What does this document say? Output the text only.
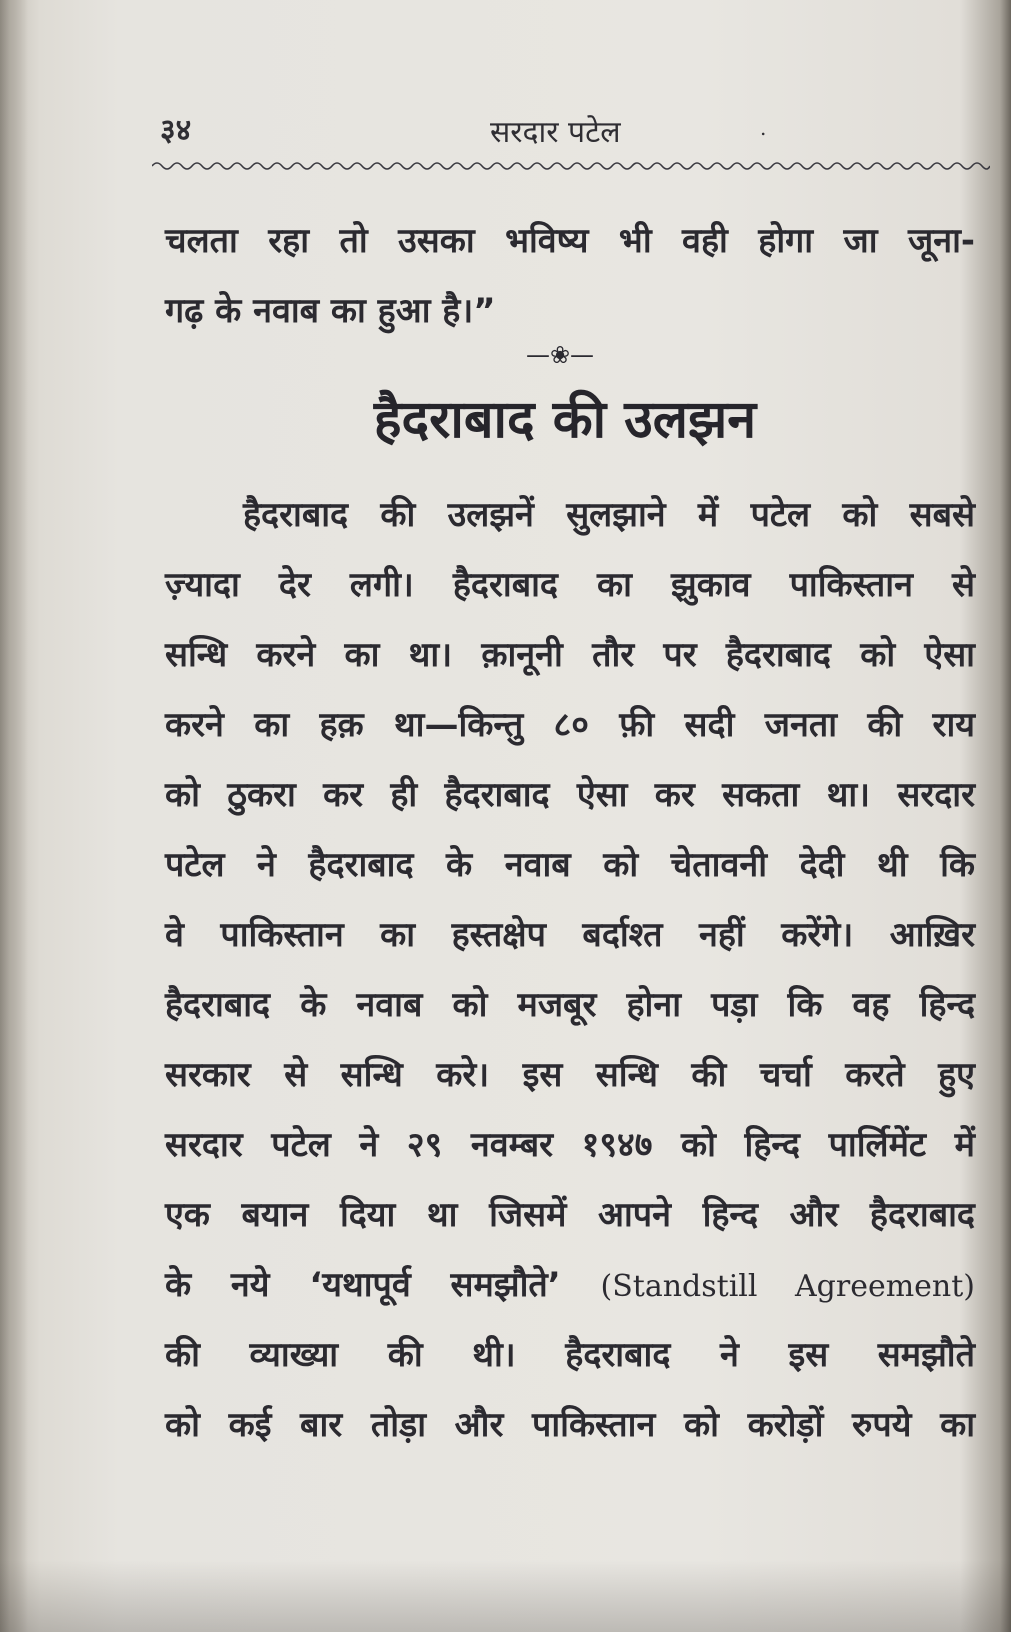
३४	सरदार पटेल	.
चलता रहा तो उसका भविष्य भी वही होगा जा जूना-
गढ़ के नवाब का हुआ है।”
—❀—
हैदराबाद की उलझन
हैदराबाद की उलझनें सुलझाने में पटेल को सबसे
ज़्यादा देर लगी। हैदराबाद का झुकाव पाकिस्तान से
सन्धि करने का था। क़ानूनी तौर पर हैदराबाद को ऐसा
करने का हक़ था—किन्तु ८० फ़ी सदी जनता की राय
को ठुकरा कर ही हैदराबाद ऐसा कर सकता था। सरदार
पटेल ने हैदराबाद के नवाब को चेतावनी देदी थी कि
वे पाकिस्तान का हस्तक्षेप बर्दाश्त नहीं करेंगे। आख़िर
हैदराबाद के नवाब को मजबूर होना पड़ा कि वह हिन्द
सरकार से सन्धि करे। इस सन्धि की चर्चा करते हुए
सरदार पटेल ने २९ नवम्बर १९४७ को हिन्द पार्लिमेंट में
एक बयान दिया था जिसमें आपने हिन्द और हैदराबाद
के नये ‘यथापूर्व समझौते’ (Standstill Agreement)
की व्याख्या की थी। हैदराबाद ने इस समझौते
को कई बार तोड़ा और पाकिस्तान को करोड़ों रुपये का
